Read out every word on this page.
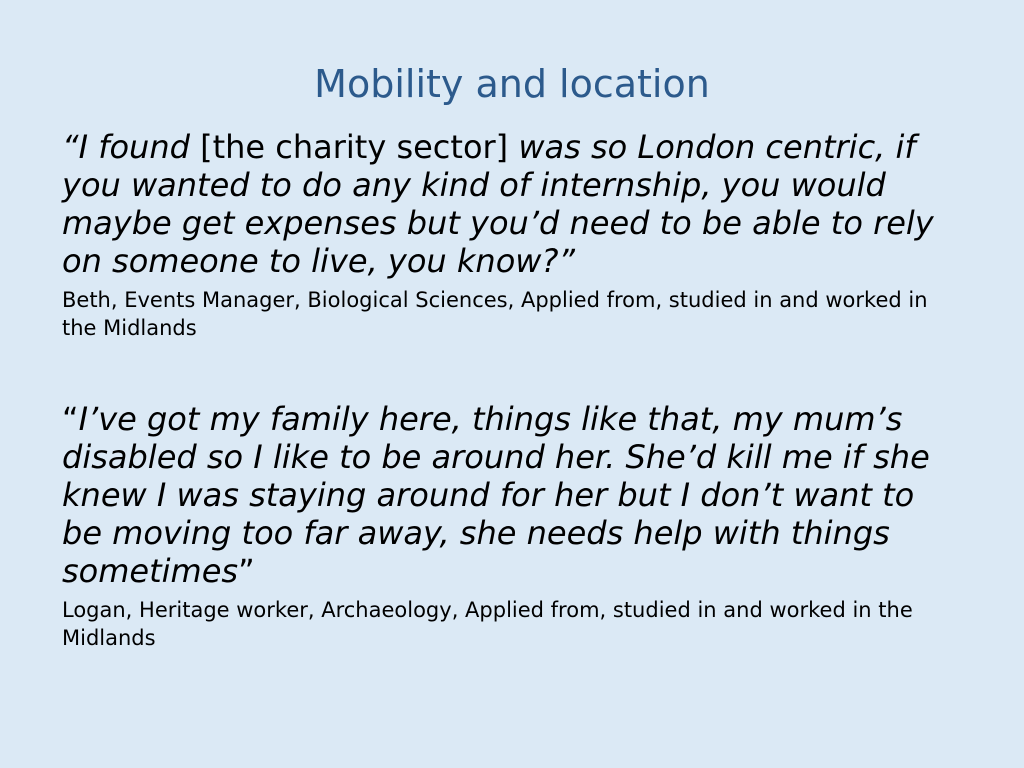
Mobility and location

“I found [the charity sector] was so London centric, if you wanted to do any kind of internship, you would maybe get expenses but you’d need to be able to rely on someone to live, you know?”

Beth, Events Manager, Biological Sciences, Applied from, studied in and worked in the Midlands

“I’ve got my family here, things like that, my mum’s disabled so I like to be around her. She’d kill me if she knew I was staying around for her but I don’t want to be moving too far away, she needs help with things sometimes”

Logan, Heritage worker, Archaeology, Applied from, studied in and worked in the Midlands
